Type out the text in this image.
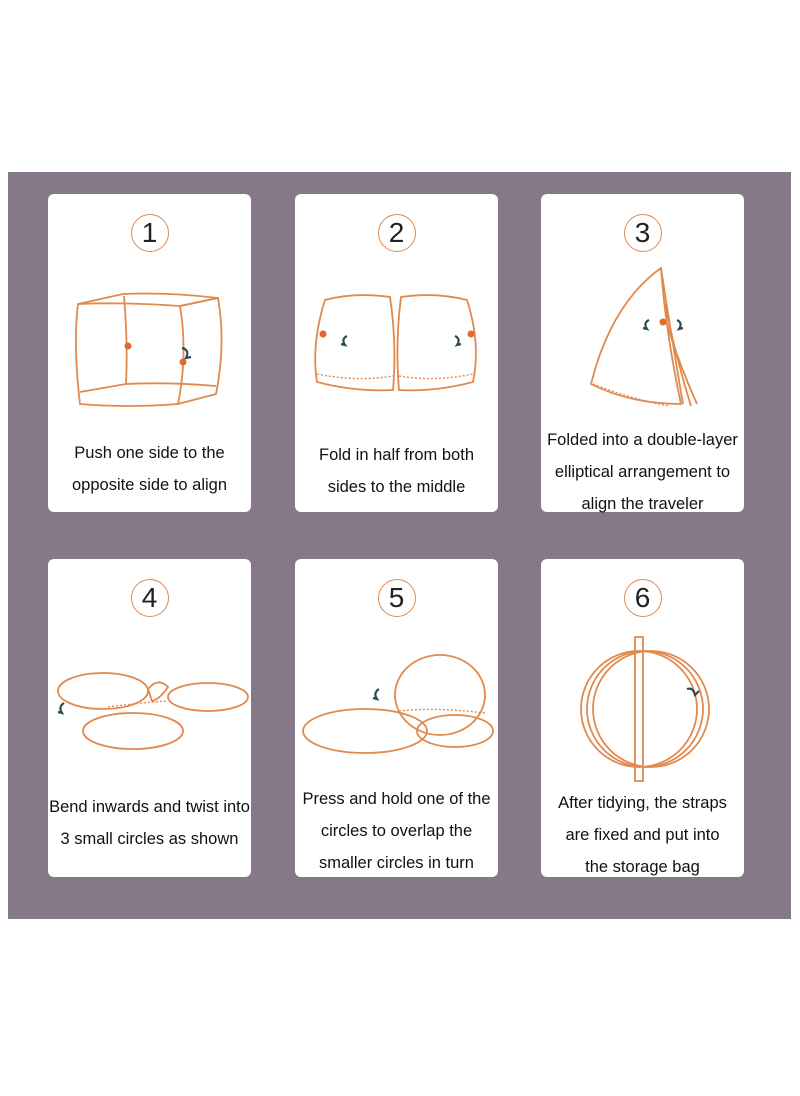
1
Push one side to the
opposite side to align
2
Fold in half from both
sides to the middle
3
Folded into a double-layer
elliptical arrangement to
align the traveler
4
Bend inwards and twist into
3 small circles as shown
5
Press and hold one of the
circles to overlap the
smaller circles in turn
6
After tidying, the straps
are fixed and put into
the storage bag
